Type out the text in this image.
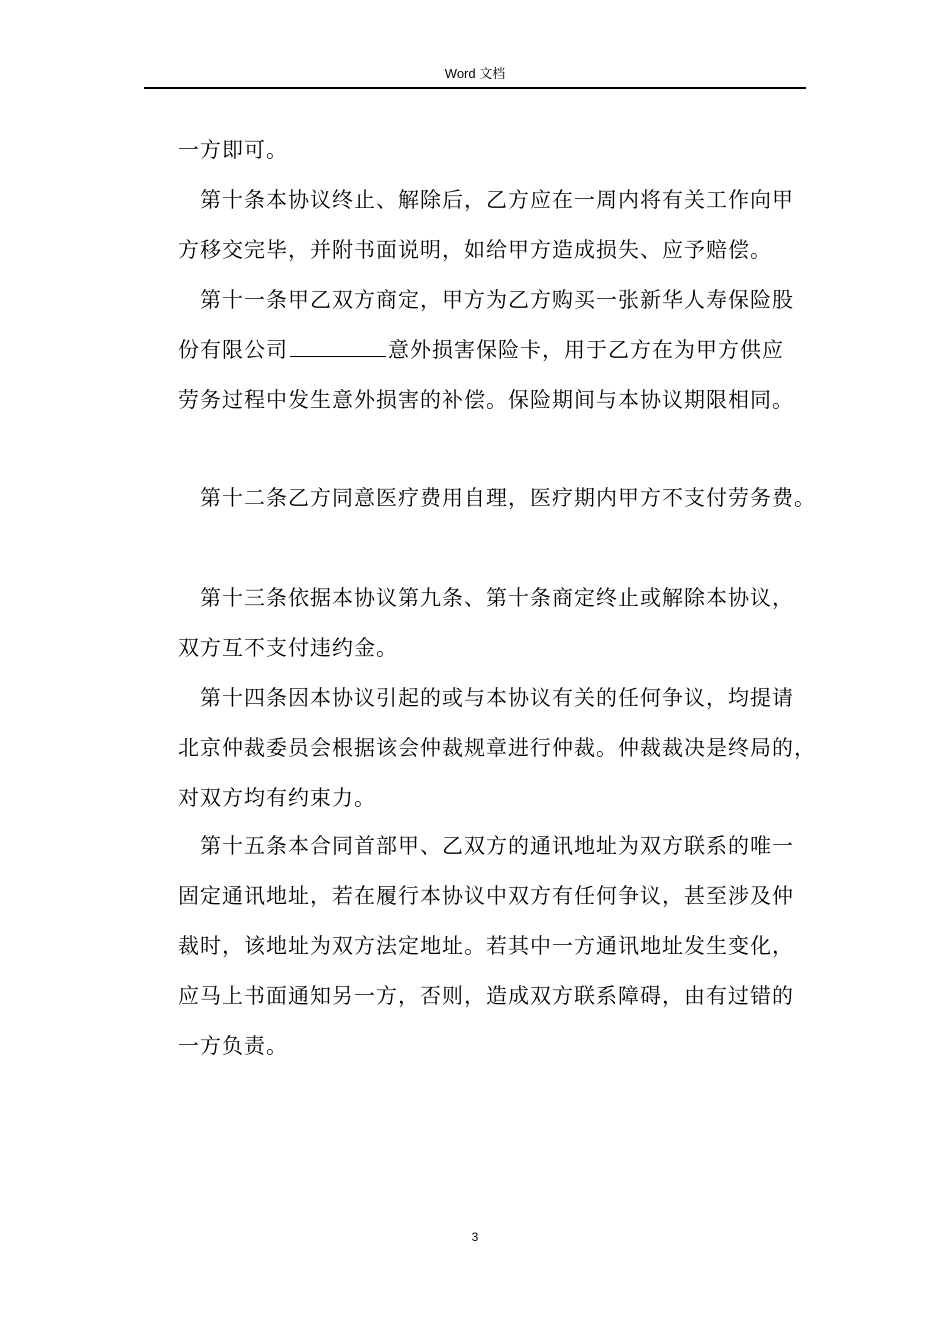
Word 文档
一方即可。
　第十条本协议终止、解除后，乙方应在一周内将有关工作向甲
方移交完毕，并附书面说明，如给甲方造成损失、应予赔偿。
　第十一条甲乙双方商定，甲方为乙方购买一张新华人寿保险股
份有限公司	意外损害保险卡，用于乙方在为甲方供应
劳务过程中发生意外损害的补偿。保险期间与本协议期限相同。
　第十二条乙方同意医疗费用自理，医疗期内甲方不支付劳务费。
　第十三条依据本协议第九条、第十条商定终止或解除本协议，
双方互不支付违约金。
　第十四条因本协议引起的或与本协议有关的任何争议，均提请
北京仲裁委员会根据该会仲裁规章进行仲裁。仲裁裁决是终局的，
对双方均有约束力。
　第十五条本合同首部甲、乙双方的通讯地址为双方联系的唯一
固定通讯地址，若在履行本协议中双方有任何争议，甚至涉及仲
裁时，该地址为双方法定地址。若其中一方通讯地址发生变化，
应马上书面通知另一方，否则，造成双方联系障碍，由有过错的
一方负责。
3
